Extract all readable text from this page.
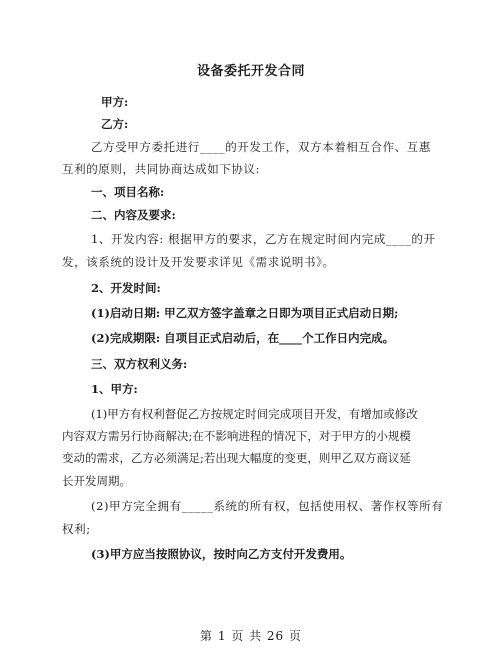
设备委托开发合同
甲方:
乙方:
乙方受甲方委托进行____的开发工作，双方本着相互合作、互惠
互利的原则，共同协商达成如下协议:
一、项目名称:
二、内容及要求:
1、开发内容: 根据甲方的要求，乙方在规定时间内完成____的开
发，该系统的设计及开发要求详见《需求说明书》。
2、开发时间:
(1)启动日期: 甲乙双方签字盖章之日即为项目正式启动日期;
(2)完成期限: 自项目正式启动后，在____个工作日内完成。
三、双方权利义务:
1、甲方:
(1)甲方有权利督促乙方按规定时间完成项目开发，有增加或修改
内容双方需另行协商解决;在不影响进程的情况下，对于甲方的小规模
变动的需求，乙方必须满足;若出现大幅度的变更，则甲乙双方商议延
长开发周期。
(2)甲方完全拥有_____系统的所有权，包括使用权、著作权等所有
权利;
(3)甲方应当按照协议，按时向乙方支付开发费用。
第 1 页 共 26 页
